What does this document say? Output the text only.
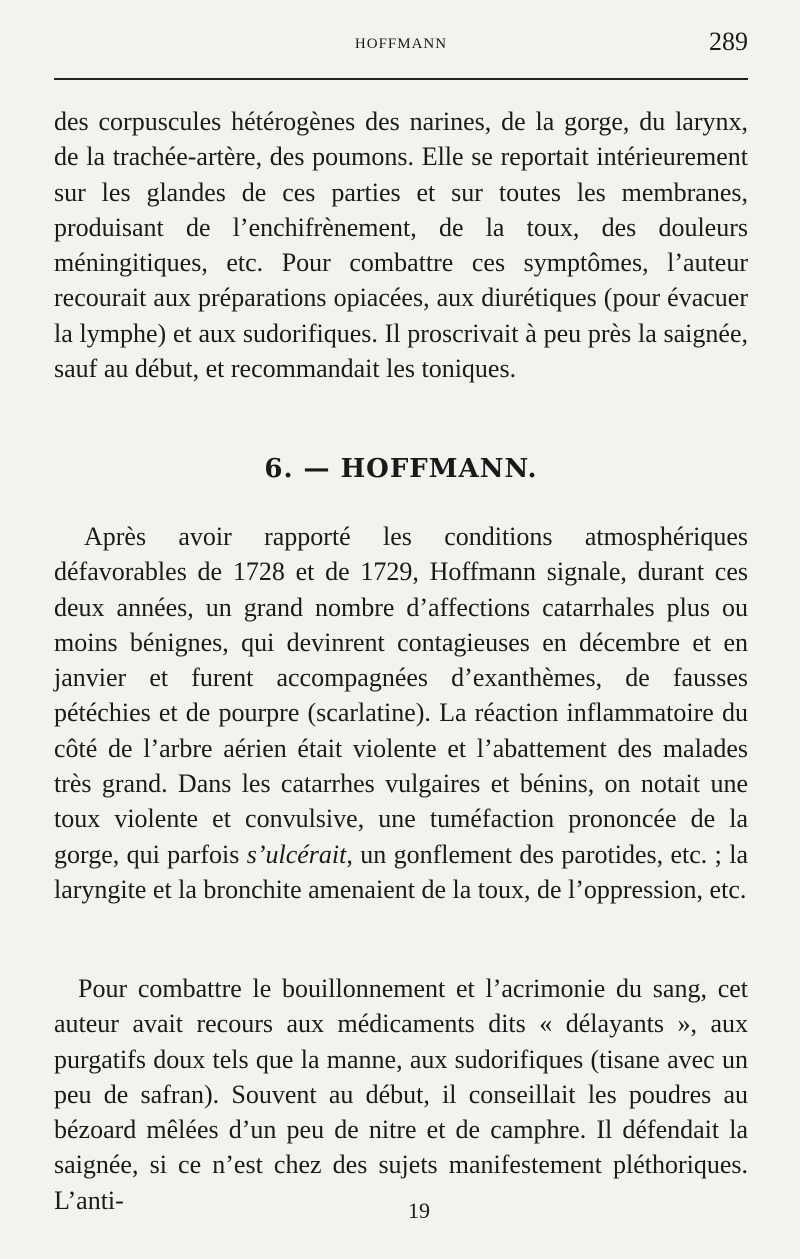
HOFFMANN	289

des corpuscules hétérogènes des narines, de la gorge, du larynx, de la trachée-artère, des poumons. Elle se reportait intérieurement sur les glandes de ces parties et sur toutes les membranes, produisant de l’enchifrènement, de la toux, des douleurs méningitiques, etc. Pour combattre ces symptômes, l’auteur recourait aux préparations opiacées, aux diurétiques (pour évacuer la lymphe) et aux sudorifiques. Il proscrivait à peu près la saignée, sauf au début, et recommandait les toniques.

6. — HOFFMANN.

Après avoir rapporté les conditions atmosphériques défavorables de 1728 et de 1729, Hoffmann signale, durant ces deux années, un grand nombre d’affections catarrhales plus ou moins bénignes, qui devinrent contagieuses en décembre et en janvier et furent accompagnées d’exanthèmes, de fausses pétéchies et de pourpre (scarlatine). La réaction inflammatoire du côté de l’arbre aérien était violente et l’abattement des malades très grand. Dans les catarrhes vulgaires et bénins, on notait une toux violente et convulsive, une tuméfaction prononcée de la gorge, qui parfois s’ulcérait, un gonflement des parotides, etc. ; la laryngite et la bronchite amenaient de la toux, de l’oppression, etc.

Pour combattre le bouillonnement et l’acrimonie du sang, cet auteur avait recours aux médicaments dits « délayants », aux purgatifs doux tels que la manne, aux sudorifiques (tisane avec un peu de safran). Souvent au début, il conseillait les poudres au bézoard mêlées d’un peu de nitre et de camphre. Il défendait la saignée, si ce n’est chez des sujets manifestement pléthoriques. L’anti-	19
